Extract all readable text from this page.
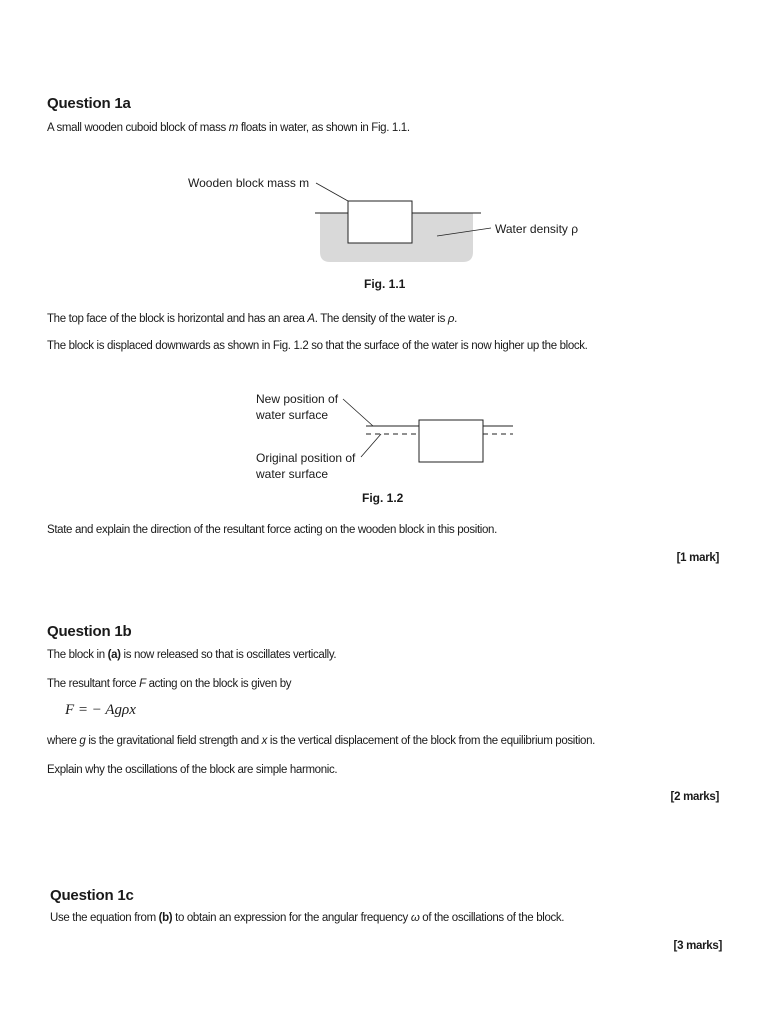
Question 1a
A small wooden cuboid block of mass m floats in water, as shown in Fig. 1.1.
Wooden block mass m
Water density ρ
Fig. 1.1
The top face of the block is horizontal and has an area A. The density of the water is ρ.
The block is displaced downwards as shown in Fig. 1.2 so that the surface of the water is now higher up the block.
New position of
water surface
Original position of
water surface
Fig. 1.2
State and explain the direction of the resultant force acting on the wooden block in this position.
[1 mark]
Question 1b
The block in (a) is now released so that is oscillates vertically.
The resultant force F acting on the block is given by
F = − Agρx
where g is the gravitational field strength and x is the vertical displacement of the block from the equilibrium position.
Explain why the oscillations of the block are simple harmonic.
[2 marks]
Question 1c
Use the equation from (b) to obtain an expression for the angular frequency ω of the oscillations of the block.
[3 marks]
